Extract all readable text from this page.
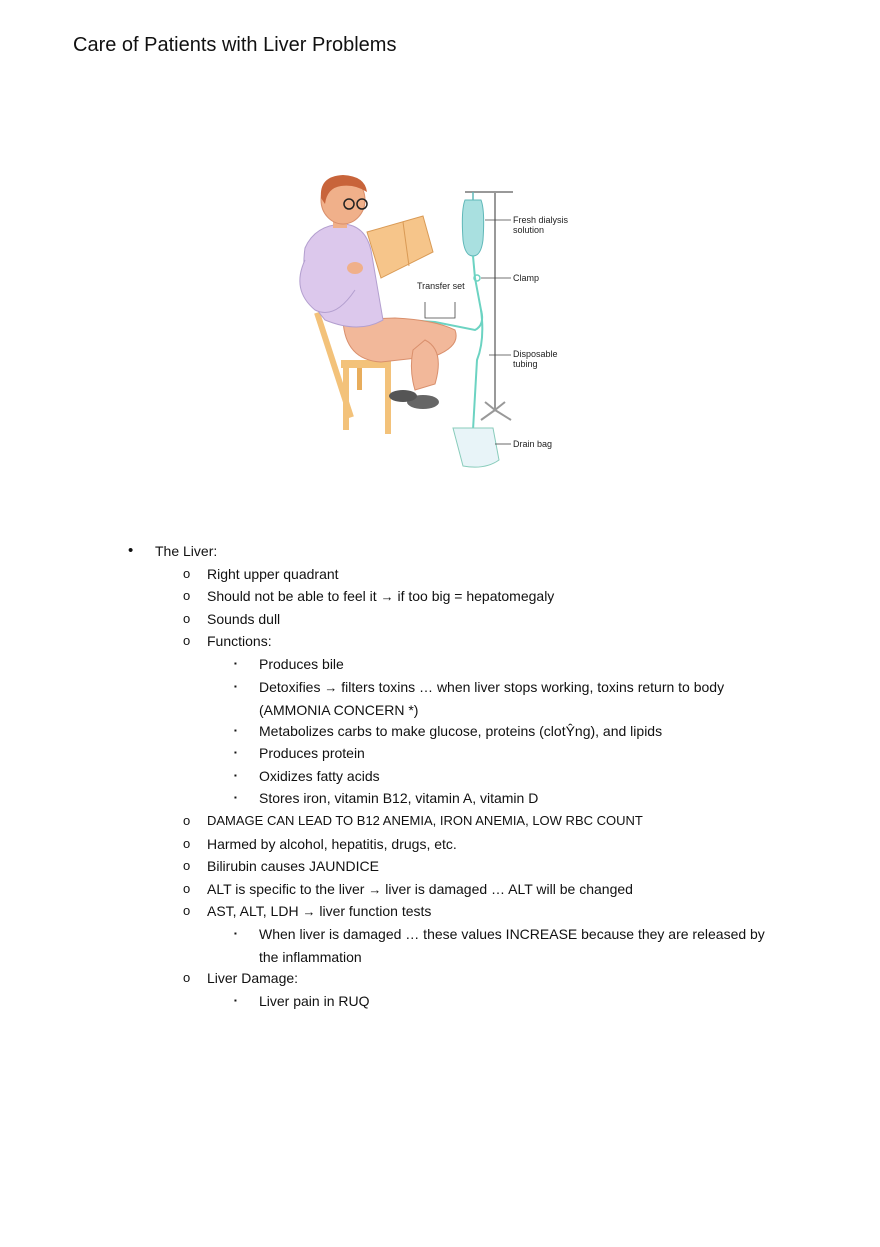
Care of Patients with Liver Problems
Fresh dialysis
solution
Clamp
Transfer set
Disposable
tubing
Drain bag
• The Liver:
o Right upper quadrant
o Should not be able to feel it → if too big = hepatomegaly
o Sounds dull
o Functions:
▪ Produces bile
▪ Detoxifies → filters toxins … when liver stops working, toxins return to body (AMMONIA CONCERN *)
▪ Metabolizes carbs to make glucose, proteins (clotŶng), and lipids
▪ Produces protein
▪ Oxidizes fatty acids
▪ Stores iron, vitamin B12, vitamin A, vitamin D
o DAMAGE CAN LEAD TO B12 ANEMIA, IRON ANEMIA, LOW RBC COUNT
o Harmed by alcohol, hepatitis, drugs, etc.
o Bilirubin causes JAUNDICE
o ALT is specific to the liver → liver is damaged … ALT will be changed
o AST, ALT, LDH → liver function tests
▪ When liver is damaged … these values INCREASE because they are released by the inflammation
o Liver Damage:
▪ Liver pain in RUQ
